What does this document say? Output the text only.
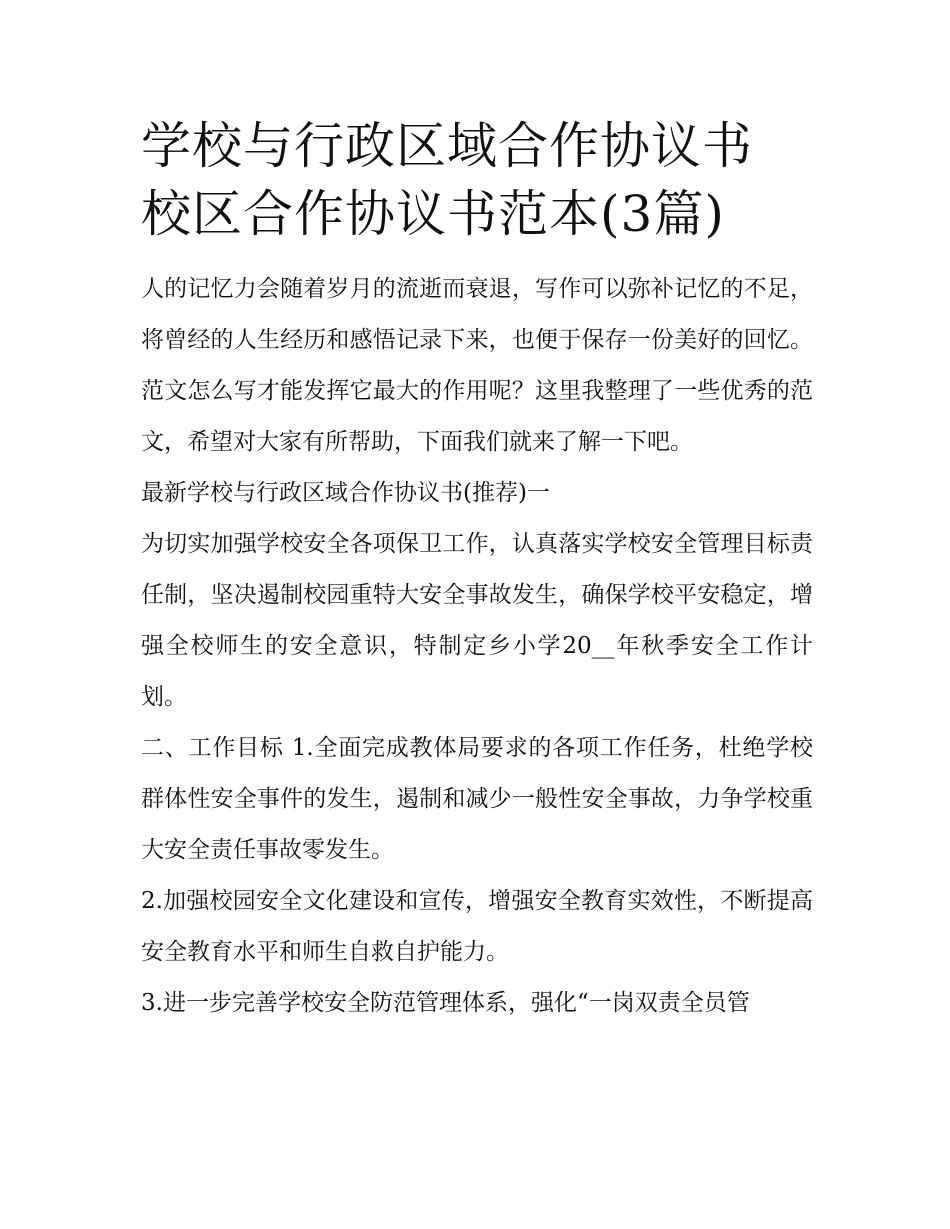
学校与行政区域合作协议书 校区合作协议书范本(3篇)

人的记忆力会随着岁月的流逝而衰退，写作可以弥补记忆的不足，将曾经的人生经历和感悟记录下来，也便于保存一份美好的回忆。范文怎么写才能发挥它最大的作用呢？这里我整理了一些优秀的范文，希望对大家有所帮助，下面我们就来了解一下吧。

最新学校与行政区域合作协议书(推荐)一

为切实加强学校安全各项保卫工作，认真落实学校安全管理目标责任制，坚决遏制校园重特大安全事故发生，确保学校平安稳定，增强全校师生的安全意识，特制定乡小学20__年秋季安全工作计划。

二、工作目标 1.全面完成教体局要求的各项工作任务，杜绝学校群体性安全事件的发生，遏制和减少一般性安全事故，力争学校重大安全责任事故零发生。

2.加强校园安全文化建设和宣传，增强安全教育实效性，不断提高安全教育水平和师生自救自护能力。

3.进一步完善学校安全防范管理体系，强化“一岗双责全员管
